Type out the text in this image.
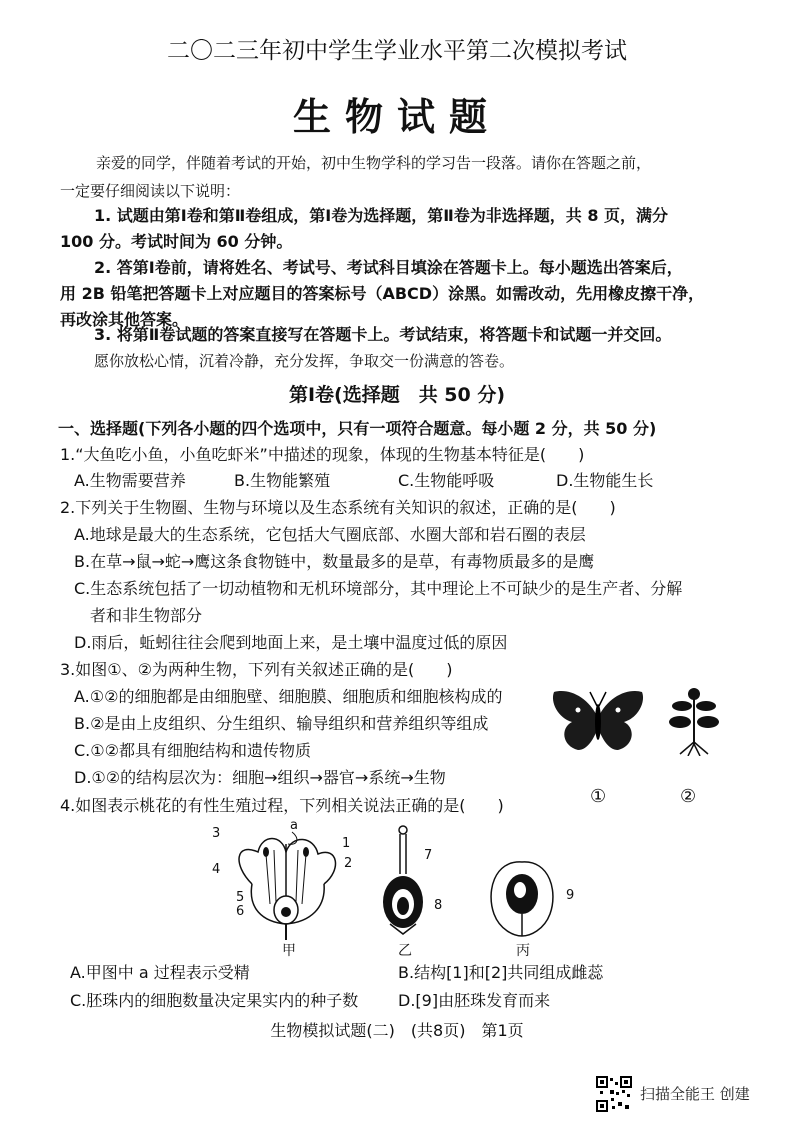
二〇二三年初中学生学业水平第二次模拟考试
生物试题
亲爱的同学，伴随着考试的开始，初中生物学科的学习告一段落。请你在答题之前，
一定要仔细阅读以下说明：
1. 试题由第Ⅰ卷和第Ⅱ卷组成，第Ⅰ卷为选择题，第Ⅱ卷为非选择题，共 8 页，满分
100 分。考试时间为 60 分钟。
2. 答第Ⅰ卷前，请将姓名、考试号、考试科目填涂在答题卡上。每小题选出答案后，
用 2B 铅笔把答题卡上对应题目的答案标号（ABCD）涂黑。如需改动，先用橡皮擦干净，
再改涂其他答案。
3. 将第Ⅱ卷试题的答案直接写在答题卡上。考试结束，将答题卡和试题一并交回。
愿你放松心情，沉着冷静，充分发挥，争取交一份满意的答卷。
第Ⅰ卷(选择题　共 50 分)
一、选择题(下列各小题的四个选项中，只有一项符合题意。每小题 2 分，共 50 分)
1.“大鱼吃小鱼，小鱼吃虾米”中描述的现象，体现的生物基本特征是(　　)
A.生物需要营养	B.生物能繁殖	C.生物能呼吸	D.生物能生长
2.下列关于生物圈、生物与环境以及生态系统有关知识的叙述，正确的是(　　)
A.地球是最大的生态系统，它包括大气圈底部、水圈大部和岩石圈的表层
B.在草→鼠→蛇→鹰这条食物链中，数量最多的是草，有毒物质最多的是鹰
C.生态系统包括了一切动植物和无机环境部分，其中理论上不可缺少的是生产者、分解
者和非生物部分
D.雨后，蚯蚓往往会爬到地面上来，是土壤中温度过低的原因
3.如图①、②为两种生物，下列有关叙述正确的是(　　)
A.①②的细胞都是由细胞壁、细胞膜、细胞质和细胞核构成的
B.②是由上皮组织、分生组织、输导组织和营养组织等组成
C.①②都具有细胞结构和遗传物质
D.①②的结构层次为：细胞→组织→器官→系统→生物
①	②
4.如图表示桃花的有性生殖过程，下列相关说法正确的是(　　)
3
a
1
2
4
5
6
甲
7
8
乙
9
丙
A.甲图中 a 过程表示受精	B.结构[1]和[2]共同组成雌蕊
C.胚珠内的细胞数量决定果实内的种子数 D.[9]由胚珠发育而来
生物模拟试题(二)　(共8页)　第1页
扫描全能王 创建
